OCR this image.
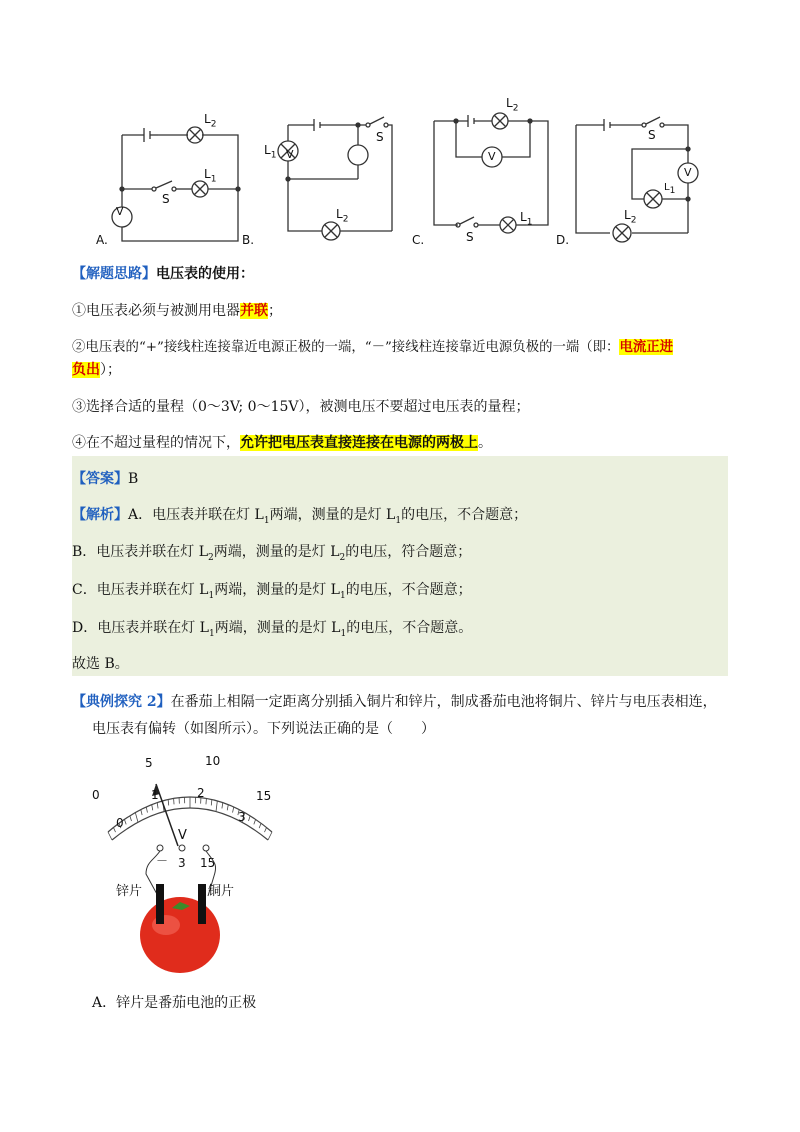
V
V	V
V
$L_2$
$L_1$
S
$L_1$
S
$L_2$
$L_2$
S
$L_1$
S
$L_1$
$L_2$
A.	B.	C.	D.
【解题思路】电压表的使用：
①电压表必须与被测用电器并联；
②电压表的“+”接线柱连接靠近电源正极的一端，“－”接线柱连接靠近电源负极的一端（即：电流正进
负出）；
③选择合适的量程（0～3V; 0～15V），被测电压不要超过电压表的量程；
④在不超过量程的情况下，允许把电压表直接连接在电源的两极上。
【答案】B
【解析】A．电压表并联在灯 $L_1$两端，测量的是灯 $L_1$的电压，不合题意；
B．电压表并联在灯 $L_2$两端，测量的是灯 $L_2$的电压，符合题意；
C．电压表并联在灯 $L_1$两端，测量的是灯 $L_1$的电压，不合题意；
D．电压表并联在灯 $L_1$两端，测量的是灯 $L_1$的电压，不合题意。
故选 B。
【典例探究 2】在番茄上相隔一定距离分别插入铜片和锌片，制成番茄电池将铜片、锌片与电压表相连，
电压表有偏转（如图所示）。下列说法正确的是（　　）
0
5	10
15
0
1	2
3
V
－ 3 15
锌片	铜片
A．锌片是番茄电池的正极
